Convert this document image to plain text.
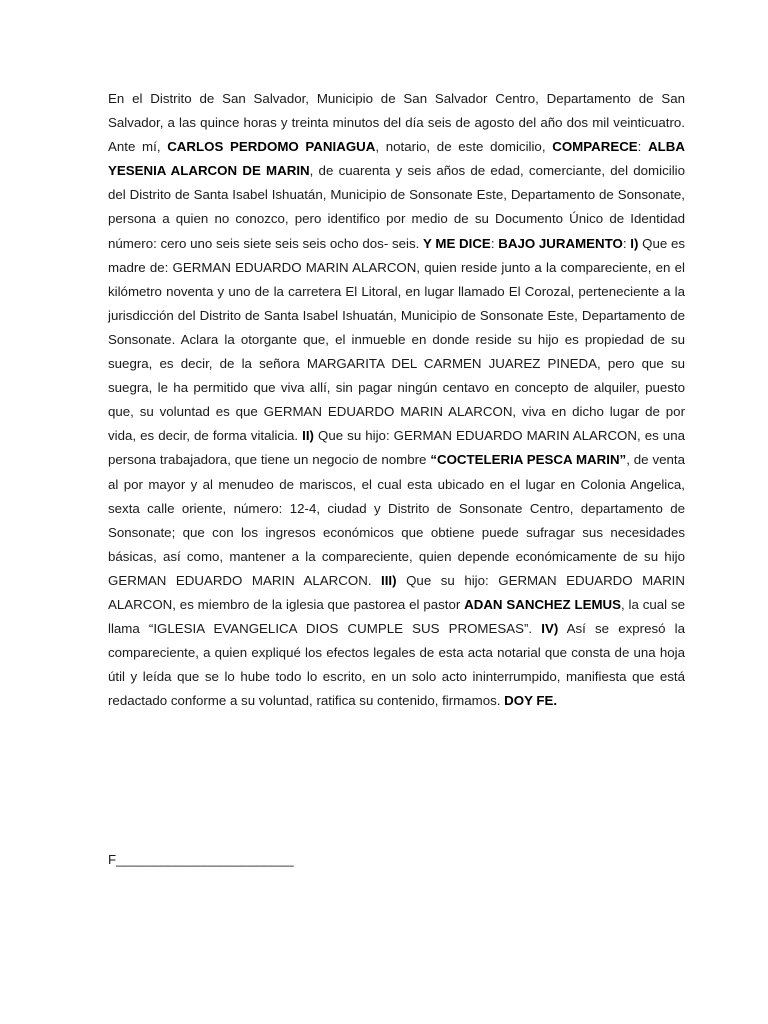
En el Distrito de San Salvador, Municipio de San Salvador Centro, Departamento de San Salvador, a las quince horas y treinta minutos del día seis de agosto del año dos mil veinticuatro. Ante mí, CARLOS PERDOMO PANIAGUA, notario, de este domicilio, COMPARECE: ALBA YESENIA ALARCON DE MARIN, de cuarenta y seis años de edad, comerciante, del domicilio del Distrito de Santa Isabel Ishuatán, Municipio de Sonsonate Este, Departamento de Sonsonate, persona a quien no conozco, pero identifico por medio de su Documento Único de Identidad número: cero uno seis siete seis seis ocho dos- seis. Y ME DICE: BAJO JURAMENTO: I) Que es madre de: GERMAN EDUARDO MARIN ALARCON, quien reside junto a la compareciente, en el kilómetro noventa y uno de la carretera El Litoral, en lugar llamado El Corozal, perteneciente a la jurisdicción del Distrito de Santa Isabel Ishuatán, Municipio de Sonsonate Este, Departamento de Sonsonate. Aclara la otorgante que, el inmueble en donde reside su hijo es propiedad de su suegra, es decir, de la señora MARGARITA DEL CARMEN JUAREZ PINEDA, pero que su suegra, le ha permitido que viva allí, sin pagar ningún centavo en concepto de alquiler, puesto que, su voluntad es que GERMAN EDUARDO MARIN ALARCON, viva en dicho lugar de por vida, es decir, de forma vitalicia. II) Que su hijo: GERMAN EDUARDO MARIN ALARCON, es una persona trabajadora, que tiene un negocio de nombre “COCTELERIA PESCA MARIN”, de venta al por mayor y al menudeo de mariscos, el cual esta ubicado en el lugar en Colonia Angelica, sexta calle oriente, número: 12-4, ciudad y Distrito de Sonsonate Centro, departamento de Sonsonate; que con los ingresos económicos que obtiene puede sufragar sus necesidades básicas, así como, mantener a la compareciente, quien depende económicamente de su hijo GERMAN EDUARDO MARIN ALARCON. III) Que su hijo: GERMAN EDUARDO MARIN ALARCON, es miembro de la iglesia que pastorea el pastor ADAN SANCHEZ LEMUS, la cual se llama “IGLESIA EVANGELICA DIOS CUMPLE SUS PROMESAS”. IV) Así se expresó la compareciente, a quien expliqué los efectos legales de esta acta notarial que consta de una hoja útil y leída que se lo hube todo lo escrito, en un solo acto ininterrumpido, manifiesta que está redactado conforme a su voluntad, ratifica su contenido, firmamos. DOY FE.

F________________________
